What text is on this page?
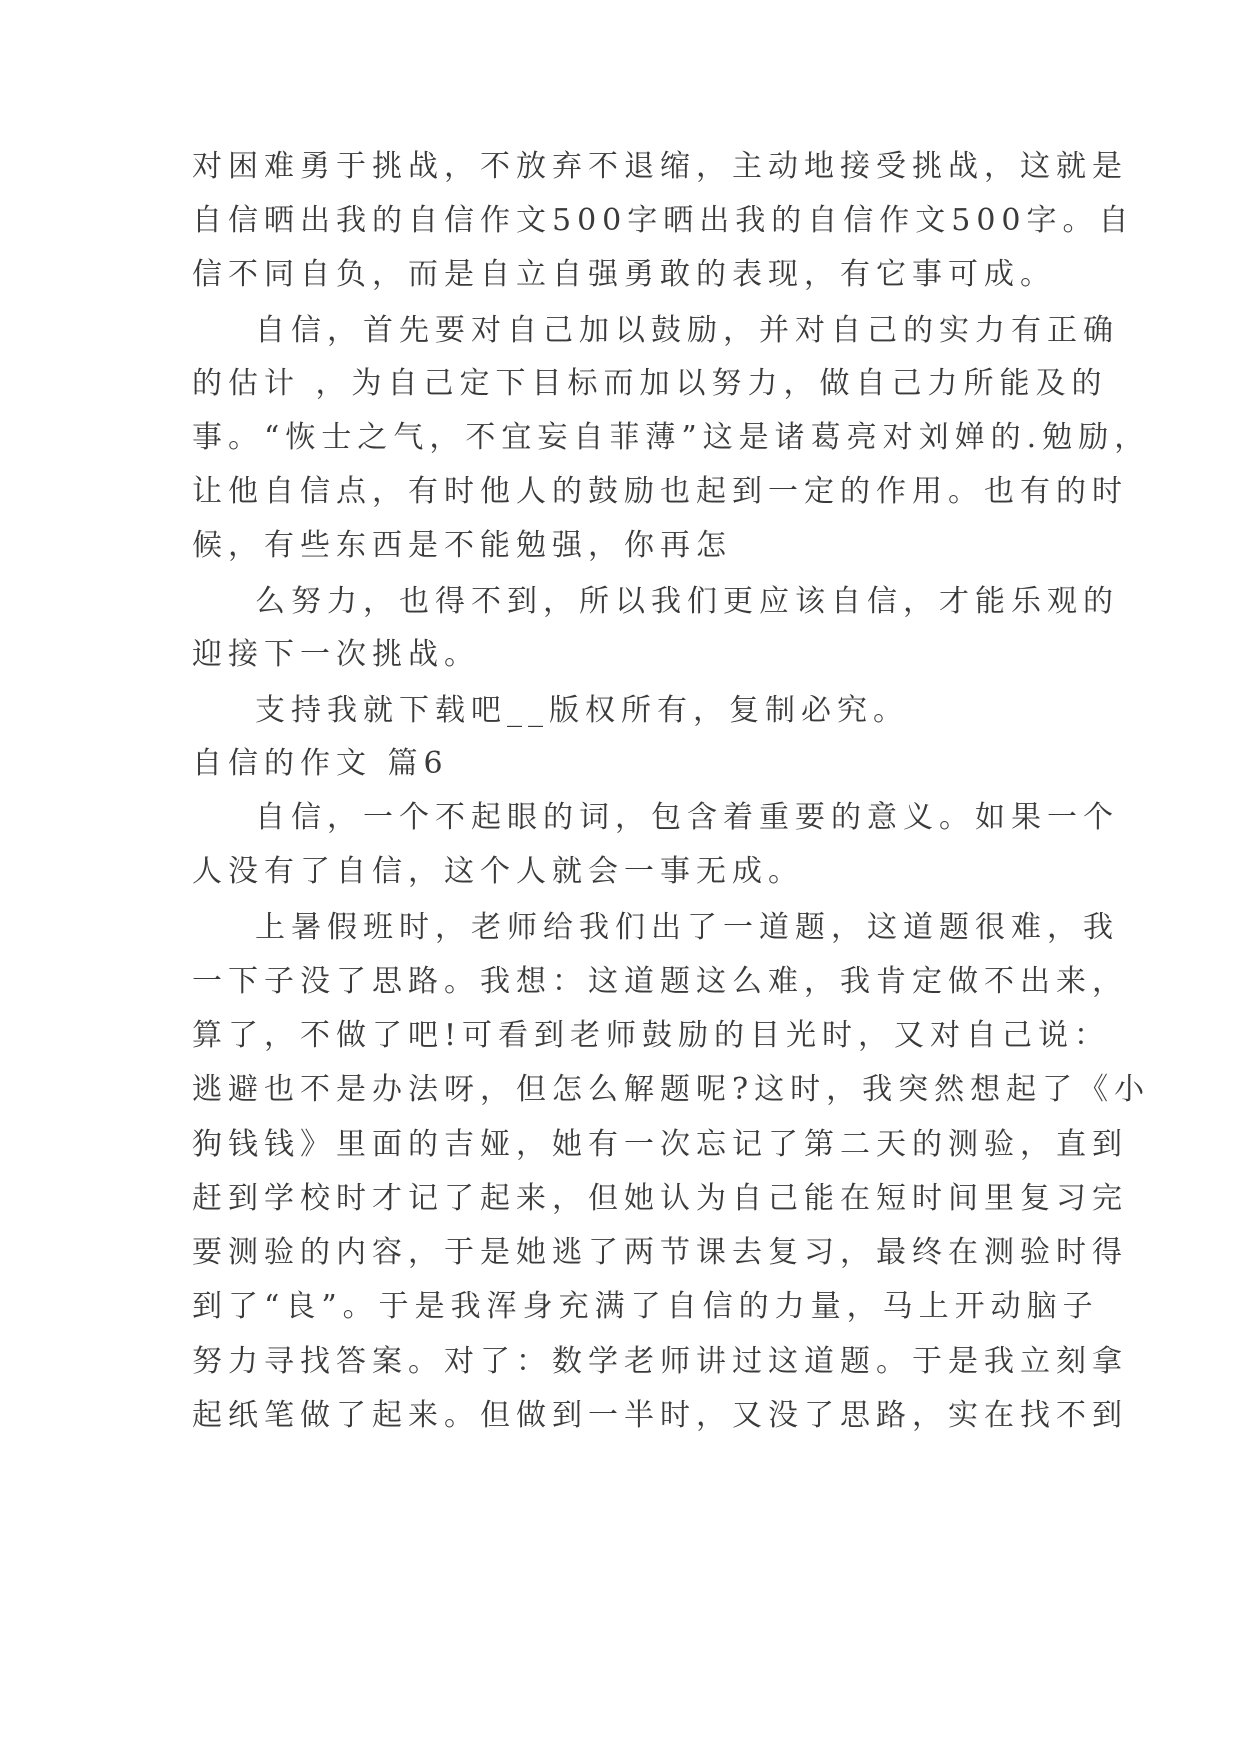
对困难勇于挑战，不放弃不退缩，主动地接受挑战，这就是

自信晒出我的自信作文500字晒出我的自信作文500字。自

信不同自负，而是自立自强勇敢的表现，有它事可成。

自信，首先要对自己加以鼓励，并对自己的实力有正确

的估计 ，为自己定下目标而加以努力，做自己力所能及的

事。“恢士之气，不宜妄自菲薄”这是诸葛亮对刘婵的.勉励，

让他自信点，有时他人的鼓励也起到一定的作用。也有的时

候，有些东西是不能勉强，你再怎

么努力，也得不到，所以我们更应该自信，才能乐观的

迎接下一次挑战。

支持我就下载吧__版权所有，复制必究。

自信的作文 篇6

自信，一个不起眼的词，包含着重要的意义。如果一个

人没有了自信，这个人就会一事无成。

上暑假班时，老师给我们出了一道题，这道题很难，我

一下子没了思路。我想：这道题这么难，我肯定做不出来，

算了，不做了吧!可看到老师鼓励的目光时，又对自己说：

逃避也不是办法呀，但怎么解题呢?这时，我突然想起了《小

狗钱钱》里面的吉娅，她有一次忘记了第二天的测验，直到

赶到学校时才记了起来，但她认为自己能在短时间里复习完

要测验的内容，于是她逃了两节课去复习，最终在测验时得

到了“良”。于是我浑身充满了自信的力量，马上开动脑子

努力寻找答案。对了：数学老师讲过这道题。于是我立刻拿

起纸笔做了起来。但做到一半时，又没了思路，实在找不到
